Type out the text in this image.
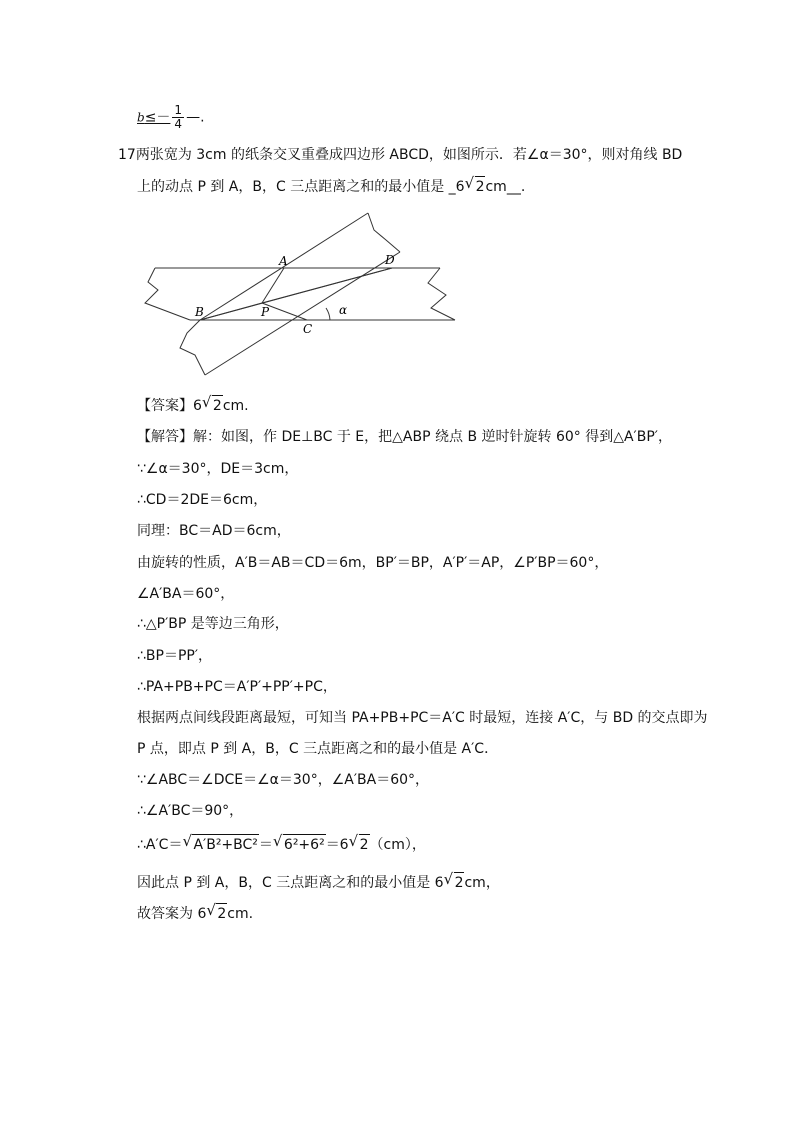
$b\le- \frac{1}{4}$ —.
17两张宽为 3cm 的纸条交叉重叠成四边形 ABCD，如图所示．若∠α＝30°，则对角线 BD
上的动点 P 到 A，B，C 三点距离之和的最小值是 _6 √ 2cm__.
A	D
B	P
C
α
【答案】6 √ 2cm.
【解答】解：如图，作 DE⊥BC 于 E，把△ABP 绕点 B 逆时针旋转 60° 得到△A′BP′，
∵∠α＝30°，DE＝3cm，
∴CD＝2DE＝6cm，
同理：BC＝AD＝6cm，
由旋转的性质，A′B＝AB＝CD＝6m，BP′＝BP，A′P′＝AP，∠P′BP＝60°，
∠A′BA＝60°，
∴△P′BP 是等边三角形，
∴BP＝PP′，
∴PA+PB+PC＝A′P′+PP′+PC，
根据两点间线段距离最短，可知当 PA+PB+PC＝A′C 时最短，连接 A′C，与 BD 的交点即为
P 点，即点 P 到 A，B，C 三点距离之和的最小值是 A′C．
∵∠ABC＝∠DCE＝∠α＝30°，∠A′BA＝60°，
∴∠A′BC＝90°，
∴A′C＝ √ A′B²+BC²＝ √ 6²+6²＝6 √ 2（cm），
因此点 P 到 A，B，C 三点距离之和的最小值是 6 √ 2cm，
故答案为 6 √ 2cm.
